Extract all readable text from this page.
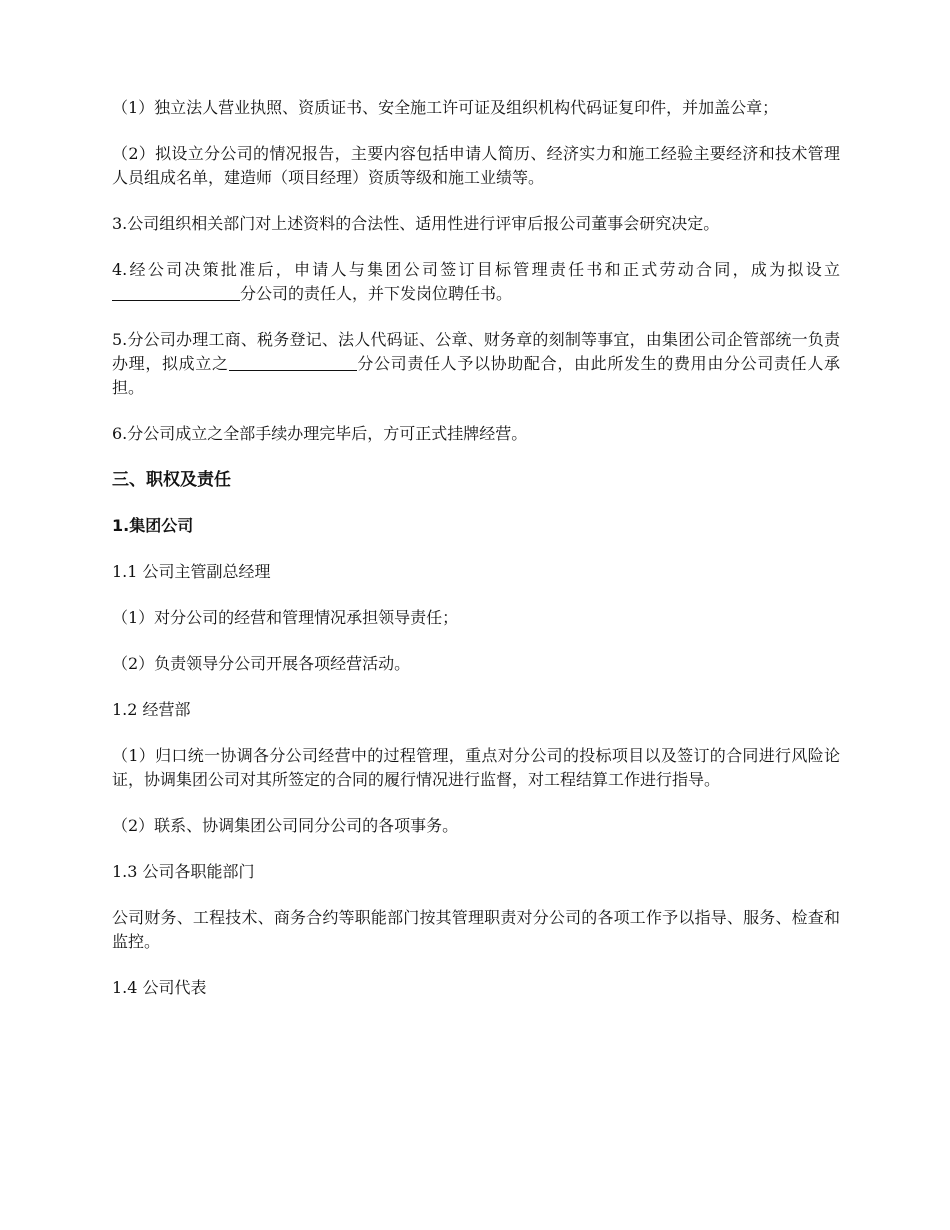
（1）独立法人营业执照、资质证书、安全施工许可证及组织机构代码证复印件，并加盖公章；

（2）拟设立分公司的情况报告，主要内容包括申请人简历、经济实力和施工经验主要经济和技术管理人员组成名单，建造师（项目经理）资质等级和施工业绩等。

3.公司组织相关部门对上述资料的合法性、适用性进行评审后报公司董事会研究决定。

4.经公司决策批准后，申请人与集团公司签订目标管理责任书和正式劳动合同，成为拟设立分公司的责任人，并下发岗位聘任书。

5.分公司办理工商、税务登记、法人代码证、公章、财务章的刻制等事宜，由集团公司企管部统一负责办理，拟成立之	分公司责任人予以协助配合，由此所发生的费用由分公司责任人承担。

6.分公司成立之全部手续办理完毕后，方可正式挂牌经营。

三、职权及责任

1.集团公司

1.1 公司主管副总经理

（1）对分公司的经营和管理情况承担领导责任；

（2）负责领导分公司开展各项经营活动。

1.2 经营部

（1）归口统一协调各分公司经营中的过程管理，重点对分公司的投标项目以及签订的合同进行风险论证，协调集团公司对其所签定的合同的履行情况进行监督，对工程结算工作进行指导。

（2）联系、协调集团公司同分公司的各项事务。

1.3 公司各职能部门

公司财务、工程技术、商务合约等职能部门按其管理职责对分公司的各项工作予以指导、服务、检查和监控。

1.4 公司代表
